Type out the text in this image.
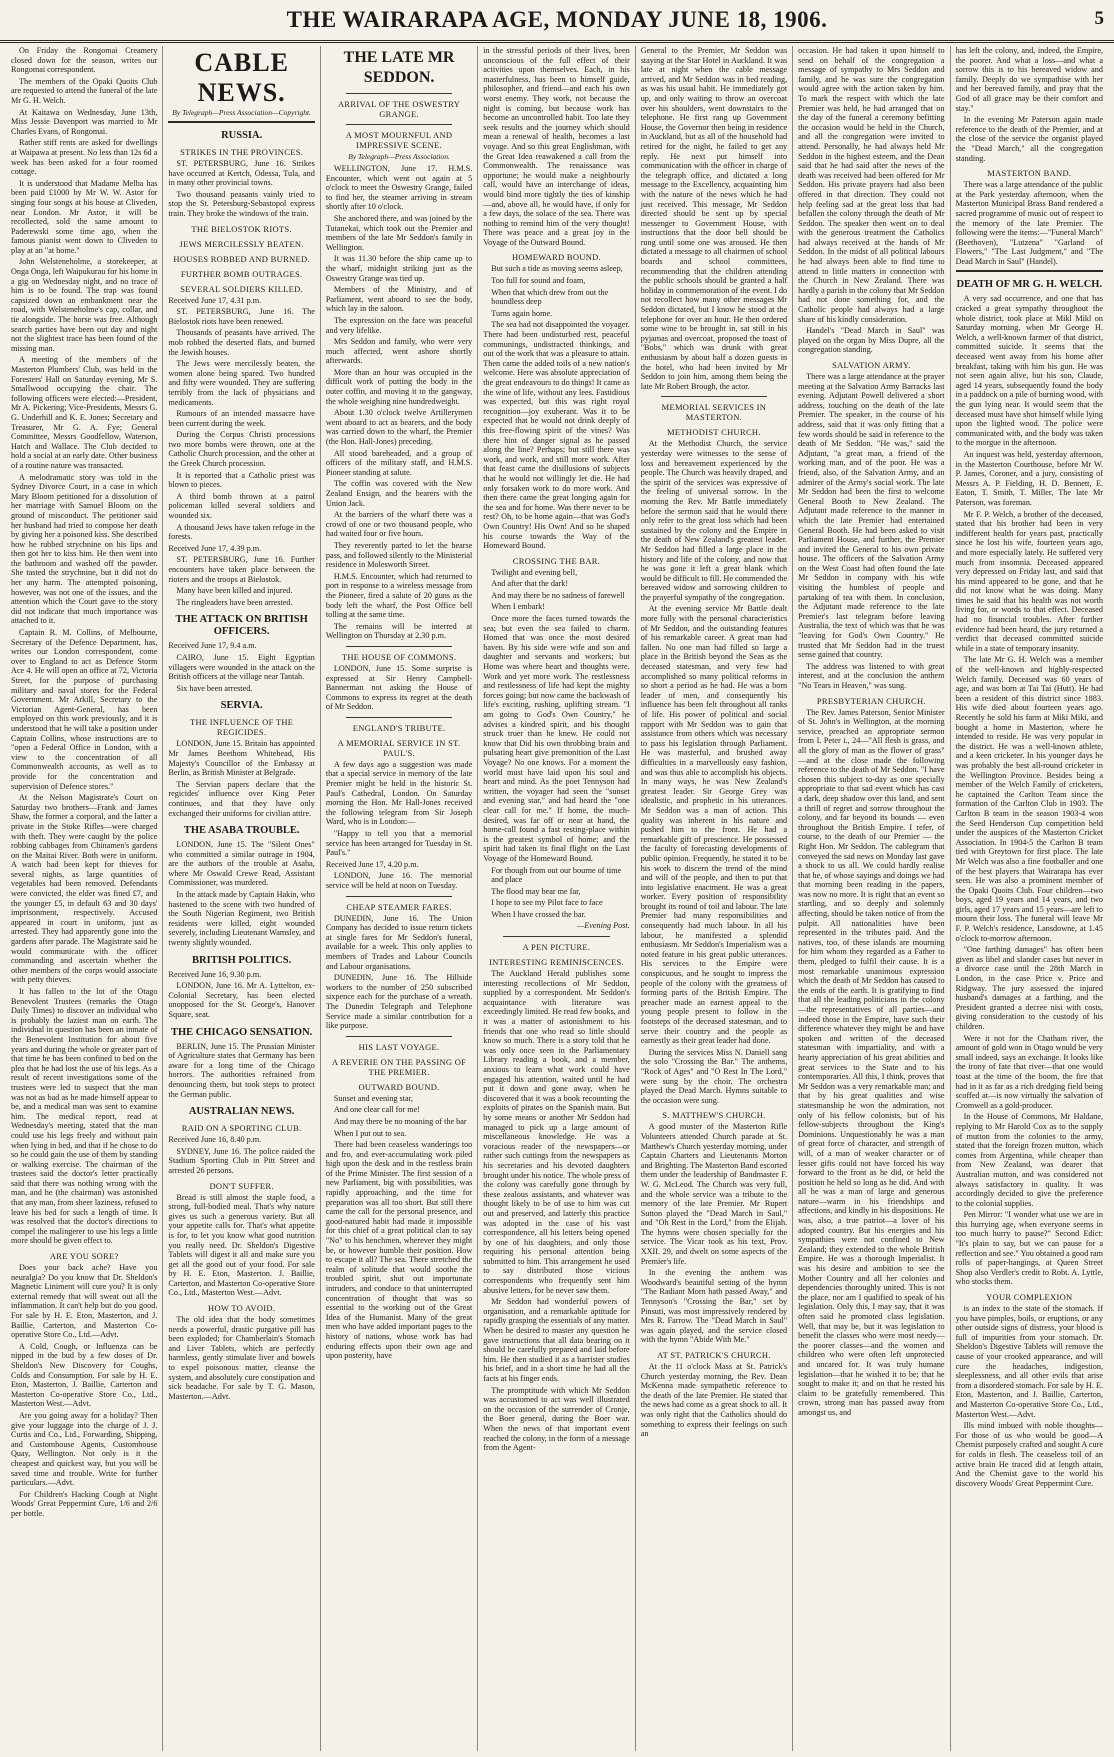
THE WAIRARAPA AGE, MONDAY JUNE 18, 1906.	5

On Friday the Rongomai Creamery closed down for the season, writes our Rongomai correspondent.

The members of the Opaki Quoits Club are requested to attend the funeral of the late Mr G. H. Welch.

At Kaitawa on Wednesday, June 13th, Miss Jessie Davenport was married to Mr Charles Evans, of Rongomai.

Rather stiff rents are asked for dwellings at Waipawa at present. No less than 12s 6d a week has been asked for a four roomed cottage.

It is understood that Madame Melba has been paid £1000 by Mr W. W. Astor for singing four songs at his house at Cliveden, near London. Mr Astor, it will be recollected, sold the same amount to Paderewski some time ago, when the famous pianist went down to Cliveden to play at an "at home."

John Welsteneholme, a storekeeper, at Onga Onga, left Waipukurau for his home in a gig on Wednesday night, and no trace of him is to be found. The trap was found capsized down an embankment near the road, with Welsteneholme's cap, collar, and tie alongside. The horse was free. Although search parties have been out day and night not the slightest trace has been found of the missing man.

A meeting of the members of the Masterton Plumbers' Club, was held in the Foresters' Hall on Saturday evening, Mr S. Smallwood occupying the chair. The following officers were elected:—President, Mr A. Pickering; Vice-Presidents, Messrs G. G. Underhill and K. E. Jones; Secretary and Treasurer, Mr G. A. Fye; General Committee, Messrs Goodfellow, Waterson, Hatch and Wallace. The Club decided to hold a social at an early date. Other business of a routine nature was transacted.

A melodramatic story was told in the Sydney Divorce Court, in a case in which Mary Bloom petitioned for a dissolution of her marriage with Samuel Bloom on the ground of misconduct. The petitioner said her husband had tried to compose her death by giving her a poisoned kiss. She described how he rubbed strychnine on his lips and then got her to kiss him. He then went into the bathroom and washed off the powder. She tasted the strychnine, but it did not do her any harm. The attempted poisoning, however, was not one of the issues, and the attention which the Court gave to the story did not indicate that much importance was attached to it.

Captain R. M. Collins, of Melbourne, Secretary of the Defence Department, has, writes our London correspondent, come over to England to act as Defence Storm Ace 4. He will open an office at 72, Victoria Street, for the purpose of purchasing military and naval stores for the Federal Government. Mr Arkill, Secretary to the Victorian Agent-General, has been employed on this work previously, and it is understood that he will take a position under Captain Collins, whose instructions are to "open a Federal Office in London, with a view to the concentration of all Commonwealth accounts, as well as to provide for the concentration and supervision of Defence stores."

At the Nelson Magistrate's Court on Saturday two brothers—Frank and James Shaw, the former a corporal, and the latter a private in the Stoke Rifles—were charged with theft. They were caught by the police robbing cabbages from Chinamen's gardens on the Maitai River. Both were in uniform. A watch had been kept for thieves for several nights, as large quantities of vegetables had been removed. Defendants were convicted, the elder was fined £7, and the younger £5, in default 63 and 30 days' imprisonment, respectively. Accused appeared in court in uniform, just as arrested. They had apparently gone into the gardens after parade. The Magistrate said he would communicate with the officer commanding and ascertain whether the other members of the corps would associate with petty thieves.

It has fallen to the lot of the Otago Benevolent Trustees (remarks the Otago Daily Times) to discover an individual who is probably the laziest man on earth. The individual in question has been an inmate of the Benevolent Institution for about five years and during the whole or greater part of that time he has been confined to bed on the plea that he had lost the use of his legs. As a result of recent investigations some of the trustees were led to suspect that the man was not as bad as he made himself appear to be, and a medical man was sent to examine him. The medical report, read at Wednesday's meeting, stated that the man could use his legs freely and without pain when lying in bed, and that if he chose to do so he could gain the use of them by standing or walking exercise. The chairman of the trustees said the doctor's letter practically said that there was nothing wrong with the man, and he (the chairman) was astonished that any man, from sheer laziness, refused to leave his bed for such a length of time. It was resolved that the doctor's directions to compel the malingerer to use his legs a little more should be given effect to.

ARE YOU SORE?

Does your back ache? Have you neuralgia? Do you know that Dr. Sheldon's Magnetic Liniment will cure you? It is only external remedy that will sweat out all the inflammation. It can't help but do you good. For sale by H. E. Eton, Masterton, and J. Baillie, Carterton, and Masterton Co-operative Store Co., Ltd.—Advt.

A Cold, Cough, or Influenza can be nipped in the bud by a few doses of Dr. Sheldon's New Discovery for Coughs, Colds and Consumption. For sale by H. E. Eton, Masterton, J. Baillie, Carterton and Masterton Co-operative Store Co., Ltd., Masterton West.—Advt.

Are you going away for a holiday? Then give your luggage into the charge of J. J. Curtis and Co., Ltd., Forwarding, Shipping, and Customhouse Agents, Customhouse Quay, Wellington. Not only is it the cheapest and quickest way, but you will be saved time and trouble. Write for further particulars.—Advt.

For Children's Hacking Cough at Night Woods' Great Peppermint Cure, 1/6 and 2/6 per bottle.

CABLE NEWS.
By Telegraph—Press Association—Copyright.
RUSSIA.
STRIKES IN THE PROVINCES.

ST. PETERSBURG, June 16. Strikes have occurred at Kertch, Odessa, Tula, and in many other provincial towns.

Two thousand peasants vainly tried to stop the St. Petersburg-Sebastopol express train. They broke the windows of the train.

THE BIELOSTOK RIOTS.
JEWS MERCILESSLY BEATEN.
HOUSES ROBBED AND BURNED.
FURTHER BOMB OUTRAGES.
SEVERAL SOLDIERS KILLED.

Received June 17, 4.31 p.m.

ST. PETERSBURG, June 16. The Bielostok riots have been renewed.

Thousands of peasants have arrived. The mob robbed the deserted flats, and burned the Jewish houses.

The Jews were mercilessly beaten, the women alone being spared. Two hundred and fifty were wounded. They are suffering terribly from the lack of physicians and medicaments.

Rumours of an intended massacre have been current during the week.

During the Corpus Christi processions two more bombs were thrown, one at the Catholic Church procession, and the other at the Greek Church procession.

It is reported that a Catholic priest was blown to pieces.

A third bomb thrown at a patrol policeman killed several soldiers and wounded six.

A thousand Jews have taken refuge in the forests.

Received June 17, 4.39 p.m.

ST. PETERSBURG, June 16. Further encounters have taken place between the rioters and the troops at Bielostok.

Many have been killed and injured.

The ringleaders have been arrested.

THE ATTACK ON BRITISH OFFICERS.

Received June 17, 9.4 a.m.

CAIRO, June 15. Eight Egyptian villagers were wounded in the attack on the British officers at the village near Tantah.

Six have been arrested.

SERVIA.
THE INFLUENCE OF THE REGICIDES.

LONDON, June 15. Britain has appointed Mr James Beethom Whitehead, His Majesty's Councillor of the Embassy at Berlin, as British Minister at Belgrade.

The Servian papers declare that the regicides' influence over King Peter continues, and that they have only exchanged their uniforms for civilian attire.

THE ASABA TROUBLE.

LONDON, June 15. The "Silent Ones" who committed a similar outrage in 1904, are the authors of the trouble at Asaba, where Mr Oswald Crewe Read, Assistant Commissioner, was murdered.

In the attack made by Captain Hakin, who hastened to the scene with two hundred of the South Nigerian Regiment, two British residents were killed, eight wounded severely, including Lieutenant Wamsley, and twenty slightly wounded.

BRITISH POLITICS.

Received June 16, 9.30 p.m.

LONDON, June 16. Mr A. Lyttelton, ex-Colonial Secretary, has been elected unopposed for the St. George's, Hanover Square, seat.

THE CHICAGO SENSATION.

BERLIN, June 15. The Prussian Minister of Agriculture states that Germany has been aware for a long time of the Chicago horrors. The authorities refrained from denouncing them, but took steps to protect the German public.

AUSTRALIAN NEWS.
RAID ON A SPORTING CLUB.

Received June 16, 8.40 p.m.

SYDNEY, June 16. The police raided the Stadium Sporting Club in Pitt Street and arrested 26 persons.

DON'T SUFFER.

Bread is still almost the staple food, a strong, full-bodied meal. That's why nature gives us such a generous variety. But all your appetite calls for. That's what appetite is for, to let you know what good nutrition you really need. Dr. Sheldon's Digestive Tablets will digest it all and make sure you get all the good out of your food. For sale by H. E. Eton, Masterton. J. Baillie, Carterton, and Masterton Co-operative Store Co., Ltd., Masterton West.—Advt.

HOW TO AVOID.

The old idea that the body sometimes needs a powerful, drastic purgative pill has been exploded; for Chamberlain's Stomach and Liver Tablets, which are perfectly harmless, gently stimulate liver and bowels to expel poisonous matter, cleanse the system, and absolutely cure constipation and sick headache. For sale by T. G. Mason, Masterton.—Advt.

THE LATE MR SEDDON.
ARRIVAL OF THE OSWESTRY GRANGE.
A MOST MOURNFUL AND IMPRESSIVE SCENE.
By Telegraph—Press Association.

WELLINGTON, June 17. H.M.S. Encounter, which went out again at 5 o'clock to meet the Oswestry Grange, failed to find her, the steamer arriving in stream shortly after 10 o'clock.

She anchored there, and was joined by the Tutanekai, which took out the Premier and members of the late Mr Seddon's family in Wellington.

It was 11.30 before the ship came up to the wharf, midnight striking just as the Oswestry Grange was tied up.

Members of the Ministry, and of Parliament, went aboard to see the body, which lay in the saloon.

The expression on the face was peaceful and very lifelike.

Mrs Seddon and family, who were very much affected, went ashore shortly afterwards.

More than an hour was occupied in the difficult work of putting the body in the outer coffin, and moving it to the gangway, the whole weighing nine hundredweight.

About 1.30 o'clock twelve Artillerymen went aboard to act as bearers, and the body was carried down to the wharf, the Premier (the Hon. Hall-Jones) preceding.

All stood bareheaded, and a group of officers of the military staff, and H.M.S. Pioneer standing at salute.

The coffin was covered with the New Zealand Ensign, and the bearers with the Union Jack.

At the barriers of the wharf there was a crowd of one or two thousand people, who had waited four or five hours.

They reverently parted to let the hearse pass, and followed silently to the Ministerial residence in Molesworth Street.

H.M.S. Encounter, which had returned to port in response to a wireless message from the Pioneer, fired a salute of 20 guns as the body left the wharf, the Post Office bell tolling at the same time.

The remains will be interred at Wellington on Thursday at 2.30 p.m.

THE HOUSE OF COMMONS.

LONDON, June 15. Some surprise is expressed at Sir Henry Campbell-Bannerman not asking the House of Commons to express its regret at the death of Mr Seddon.

ENGLAND'S TRIBUTE.
A MEMORIAL SERVICE IN ST. PAUL'S.

A few days ago a suggestion was made that a special service in memory of the late Premier might be held in the historic St. Paul's Cathedral, London. On Saturday morning the Hon. Mr Hall-Jones received the following telegram from Sir Joseph Ward, who is in London:—

"Happy to tell you that a memorial service has been arranged for Tuesday in St. Paul's."

Received June 17, 4.20 p.m.

LONDON, June 16. The memorial service will be held at noon on Tuesday.

CHEAP STEAMER FARES.

DUNEDIN, June 16. The Union Company has decided to issue return tickets at single fares for Mr Seddon's funeral, available for a week. This only applies to members of Trades and Labour Councils and Labour organisations.

DUNEDIN, June 16. The Hillside workers to the number of 250 subscribed sixpence each for the purchase of a wreath. The Dunedin Telegraph and Telephone Service made a similar contribution for a like purpose.

HIS LAST VOYAGE.
A REVERIE ON THE PASSING OF THE PREMIER.
OUTWARD BOUND.

Sunset and evening star,

And one clear call for me!

And may there be no moaning of the bar

When I put out to sea.

There had been ceaseless wanderings too and fro, and ever-accumulating work piled high upon the desk and in the restless brain of the Prime Minister. The first session of a new Parliament, big with possibilities, was rapidly approaching, and the time for preparation was all too short. But still there came the call for the personal presence, and good-natured habit had made it impossible for this chief of a great political clan to say "No" to his henchmen, wherever they might be, or however humble their position. How to escape it all? The sea. There stretched the realm of solitude that would soothe the troubled spirit, shut out importunate intruders, and conduce to that uninterrupted concentration of thought that was so essential to the working out of the Great Idea of the Humanist. Many of the great men who have added important pages to the history of nations, whose work has had enduring effects upon their own age and upon posterity, have

in the stressful periods of their lives, been unconscious of the full effect of their activities upon themselves. Each, in his masterfulness, has been to himself guide, philosopher, and friend—and each his own worst enemy. They work, not because the night is coming, but because work has become an uncontrolled habit. Too late they seek results and the journey which should mean a renewal of health, becomes a last voyage. And so this great Englishman, with the Great Idea reawakened a call from the Commonwealth. The renaissance was opportune; he would make a neighbourly call, would have an interchange of ideas, would bind more tightly the ties of kinship—and, above all, he would have, if only for a few days, the solace of the sea. There was nothing to remind him of the very thought! There was peace and a great joy in the Voyage of the Outward Bound.

HOMEWARD BOUND.

But such a tide as moving seems asleep,

Too full for sound and foam,

When that which drew from out the boundless deep

Turns again home.

The sea had not disappointed the voyager. There had been undisturbed rest, peaceful communings, undistracted thinkings, and out of the work that was a pleasure to attain. Then came the added toils of a new nation's welcome. Here was absolute appreciation of the great endeavours to do things! It came as the wine of life, without any lees. Fastidious was expected, but this was right royal recognition—joy exuberant. Was it to be expected that he would not drink deeply of this free-flowing spirit of the vines? Was there hint of danger signal as he passed along the line? Perhaps; but still there was work, and work, and still more work. After that feast came the disillusions of subjects that he would not willingly let die. He had only forsaken work to do more work. And then there came the great longing again for the sea and for home. Was there never to be rest? Oh, to be home again—that was God's Own Country! His Own! And so he shaped his course towards the Way of the Homeward Bound.

CROSSING THE BAR.

Twilight and evening bell,

And after that the dark!

And may there be no sadness of farewell

When I embark!

Once more the faces turned towards the sea; but even the sea failed to charm. Homed that was once the most desired haven. By his side were wife and son and daughter and servants and workers; but Home was where heart and thoughts were. Work and yet more work. The restlessness and restlessness of life had kept the mighty forces going; but now came the backwash of life's exciting, rushing, uplifting stream. "I am going to God's Own Country," he advises a kindred spirit, and his thought struck truer than he knew. He could not know that Did his own throbbing brain and pulsating heart give premonition of the Last Voyage? No one knows. For a moment the world must have laid upon his soul and heart and mind. As the poet Tennyson had written, the voyager had seen the "sunset and evening star," and had heard the "one clear call for me." If home, the much-desired, was far off or near at hand, the home-call found a fast resting-place within is the greatest symbol of home; and the spirit had taken its final flight on the Last Voyage of the Homeward Bound.

For though from out our bourne of time and place

The flood may bear me far,

I hope to see my Pilot face to face

When I have crossed the bar.

—Evening Post.

A PEN PICTURE.
INTERESTING REMINISCENCES.

The Auckland Herald publishes some interesting recollections of Mr Seddon, supplied by a correspondent. Mr Seddon's acquaintance with literature was exceedingly limited. He read few books, and it was a matter of astonishment to his friends that one who read so little should know so much. There is a story told that he was only once seen in the Parliamentary Library reading a book, and a member, anxious to learn what work could have engaged his attention, waited until he had put it down and gone away, when he discovered that it was a book recounting the exploits of pirates on the Spanish main. But by some means or another Mr Seddon had managed to pick up a large amount of miscellaneous knowledge. He was a voracious reader of the newspapers—or rather such cuttings from the newspapers as his secretaries and his devoted daughters brought under his notice. The whole press of the colony was carefully gone through by these zealous assistants, and whatever was thought likely to be of use to him was cut out and preserved, and latterly this practice was adopted in the case of his vast correspondence, all his letters being opened by one of his daughters, and only those requiring his personal attention being submitted to him. This arrangement he used to say distributed those vicious correspondents who frequently sent him abusive letters, for he never saw them.

Mr Seddon had wonderful powers of organisation, and a remarkable aptitude for rapidly grasping the essentials of any matter. When he desired to master any question he gave instructions that all data bearing on it should be carefully prepared and laid before him. He then studied it as a barrister studies his brief, and in a short time he had all the facts at his finger ends.

The promptitude with which Mr Seddon was accustomed to act was well illustrated on the occasion of the surrender of Cronje, the Boer general, during the Boer war. When the news of that important event reached the colony, in the form of a message from the Agent-

General to the Premier, Mr Seddon was staying at the Star Hotel in Auckland. It was late at night when the cable message arrived, and Mr Seddon was in bed reading, as was his usual habit. He immediately got up, and only waiting to throw an overcoat over his shoulders, went downstairs to the telephone. He first rang up Government House, the Governor then being in residence in Auckland, but as all of the household had retired for the night, he failed to get any reply. He next put himself into communication with the officer in charge of the telegraph office, and dictated a long message to the Excellency, acquainting him with the nature of the news which he had just received. This message, Mr Seddon directed should be sent up by special messenger to Government House, with instructions that the door bell should be rung until some one was aroused. He then dictated a message to all chairmen of school boards and school committees, recommending that the children attending the public schools should be granted a half holiday in commemoration of the event. I do not recollect how many other messages Mr Seddon dictated, but I know he stood at the telephone for over an hour. He then ordered some wine to be brought in, sat still in his pyjamas and overcoat, proposed the toast of "Bobs," which was drunk with great enthusiasm by about half a dozen guests in the hotel, who had been invited by Mr Seddon to join him, among them being the late Mr Robert Brough, the actor.

MEMORIAL SERVICES IN MASTERTON.
METHODIST CHURCH.

At the Methodist Church, the service yesterday were witnesses to the sense of loss and bereavement experienced by the people. The Church was heavily draped, and the spirit of the services was expressive of the feeling of universal sorrow. In the morning the Rev. Mr Battle immediately before the sermon said that he would there only refer to the great loss which had been sustained by the colony and the Empire in the death of New Zealand's greatest leader. Mr Seddon had filled a large place in the history and life of the colony, and now that he was gone it left a great blank which would be difficult to fill. He commended the bereaved widow and sorrowing children to the prayerful sympathy of the congregation.

At the evening service Mr Battle dealt more fully with the personal characteristics of Mr Seddon, and the outstanding features of his remarkable career. A great man had fallen. No one man had filled so large a place in the British beyond the Seas as the deceased statesman, and very few had accomplished so many political reforms in so short a period as he had. He was a born leader of men, and consequently his influence has been felt throughout all ranks of life. His power of political and social rapport with Mr Seddon was to gain that assistance from others which was necessary to pass his legislation through Parliament. He was masterful, and brushed away difficulties in a marvellously easy fashion, and was thus able to accomplish his objects. In many ways, he was New Zealand's greatest leader. Sir George Grey was idealistic, and prophetic in his utterances. Mr Seddon was a man of action. This quality was inherent in his nature and pushed him to the front. He had a remarkable gift of prescience. He possessed the faculty of forecasting developments of public opinion. Frequently, he stated it to be his work to discern the trend of the mind and will of the people, and then to put that into legislative enactment. He was a great worker. Every position of responsibility brought its round of toil and labour. The late Premier had many responsibilities and consequently had much labour. In all his labour, he manifested a splendid enthusiasm. Mr Seddon's Imperialism was a noted feature in his great public utterances. His services to the Empire were conspicuous, and he sought to impress the people of the colony with the greatness of forming parts of the British Empire. The preacher made an earnest appeal to the young people present to follow in the footsteps of the deceased statesman, and to serve their country and the people as earnestly as their great leader had done.

During the services Miss N. Daniell sang the solo "Crossing the Bar." The anthems, "Rock of Ages" and "O Rest In The Lord," were sung by the choir. The orchestra played the Dead March. Hymns suitable to the occasion were sung.

S. MATTHEW'S CHURCH.

A good muster of the Masterton Rifle Volunteers attended Church parade at St. Matthew's Church yesterday morning, under Captain Charters and Lieutenants Morton and Brighting. The Masterton Band escorted them under the leadership of Bandmaster F. W. G. McLeod. The Church was very full, and the whole service was a tribute to the memory of the late Premier. Mr Rupert Sutton played the "Dead March in Saul," and "Oh Rest in the Lord," from the Elijah. The hymns were chosen specially for the service. The Vicar took as his text, Prov. XXII. 29, and dwelt on some aspects of the Premier's life.

In the evening the anthem was Woodward's beautiful setting of the hymn "The Radiant Morn hath passed Away," and Tennyson's "Crossing the Bar," set by Pinsuti, was most impressively rendered by Mrs R. Farrow. The "Dead March in Saul" was again played, and the service closed with the hymn "Abide With Me."

AT ST. PATRICK'S CHURCH.

At the 11 o'clock Mass at St. Patrick's Church yesterday morning, the Rev. Dean McKenna made sympathetic reference to the death of the late Premier. He stated that the news had come as a great shock to all. It was only right that the Catholics should do something to express their feelings on such an

occasion. He had taken it upon himself to send on behalf of the congregation a message of sympathy to Mrs Seddon and family, and he was sure the congregation would agree with the action taken by him. To mark the respect with which the late Premier was held, he had arranged that on the day of the funeral a ceremony befitting the occasion would be held in the Church, and all the congregation were invited to attend. Personally, he had always held Mr Seddon in the highest esteem, and the Dean said that he had said after the news of the death was received had been offered for Mr Seddon. His private prayers had also been offered in that direction. They could not help feeling sad at the great loss that had befallen the colony through the death of Mr Seddon. The speaker then went on to deal with the generous treatment the Catholics had always received at the hands of Mr Seddon. In the midst of all political labours he had always been able to find time to attend to little matters in connection with the Church in New Zealand. There was hardly a parish in the colony that Mr Seddon had not done something for, and the Catholic people had always had a large share of his kindly consideration.

Handel's "Dead March in Saul" was played on the organ by Miss Dupre, all the congregation standing.

SALVATION ARMY.

There was a large attendance at the prayer meeting at the Salvation Army Barracks last evening. Adjutant Powell delivered a short address, touching on the death of the late Premier. The speaker, in the course of his address, said that it was only fitting that a few words should be said in reference to the death of Mr Seddon. "He was," said the Adjutant, "a great man, a friend of the working man, and of the poor. He was a friend, also, of the Salvation Army, and an admirer of the Army's social work. The late Mr Seddon had been the first to welcome General Booth to New Zealand. The Adjutant made reference to the manner in which the late Premier had entertained General Booth. He had been asked to visit Parliament House, and further, the Premier and invited the General to his own private house. The officers of the Salvation Army on the West Coast had often found the late Mr Seddon in company with his wife visiting the humblest of people and partaking of tea with them. In conclusion, the Adjutant made reference to the late Premier's last telegram before leaving Australia, the text of which was that he was "leaving for God's Own Country." He trusted that Mr Seddon had in the truest sense gained that country.

The address was listened to with great interest, and at the conclusion the anthem "No Tears in Heaven," was sung.

PRESBYTERIAN CHURCH.

The Rev. James Paterson, Senior Minister of St. John's in Wellington, at the morning service, preached an appropriate sermon from I. Peter i., 24—"All flesh is grass, and all the glory of man as the flower of grass" —and at the close made the following reference to the death of Mr Seddon. "I have chosen this subject to-day as one specially appropriate to that sad event which has cast a dark, deep shadow over this land, and sent a thrill of regret and sorrow throughout the colony, and far beyond its bounds — even throughout the British Empire. I refer, of course, to the death of our Premier — the Right Hon. Mr Seddon. The cablegram that conveyed the sad news on Monday last gave a shock to us all. We could hardly realise that he, of whose sayings and doings we had that morning been reading in the papers, was now no more. It is right that an event so startling, and so deeply and solemnly affecting, should be taken notice of from the pulpit. All nationalities have been represented in the tributes paid. And the natives, too, of these islands are mourning for him whom they regarded as a Father to them, pledged to fulfil their cause. It is a most remarkable unanimous expression which the death of Mr Seddon has caused to the ends of the earth. It is gratifying to find that all the leading politicians in the colony—the representatives of all parties—and indeed those in the Empire, have such their difference whatever they might be and have spoken and written of the deceased statesman with impartiality, and with a hearty appreciation of his great abilities and great services to the State and to his contemporaries. All this, I think, proves that Mr Seddon was a very remarkable man; and that by his great qualities and wise statesmanship he won the admiration, not only of his fellow colonists, but of his fellow-subjects throughout the King's Dominions. Unquestionably he was a man of great force of character, and strength of will, of a man of weaker character or of lesser gifts could not have forced his way forward to the front as he did, or held the position he held so long as he did. And with all he was a man of large and generous nature—warm in his friendships and affections, and kindly in his dispositions. He was, also, a true patriot—a lover of his adopted country. But his energies and his sympathies were not confined to New Zealand; they extended to the whole British Empire. He was a thorough Imperialist. It was his desire and ambition to see the Mother Country and all her colonies and dependencies thoroughly united. This is not the place, nor am I qualified to speak of his legislation. Only this, I may say, that it was often said he promoted class legislation. Well, that may be, but it was legislation to benefit the classes who were most needy—the poorer classes—and the women and children who were often left unprotected and uncared for. It was truly humane legislation—that he wished it to be; that he sought to make it; and on that he rested his claim to be gratefully remembered. This crown, strong man has passed away from amongst us, and

has left the colony, and, indeed, the Empire, the poorer. And what a loss—and what a sorrow this is to his bereaved widow and family. Deeply do we sympathise with her and her bereaved family, and pray that the God of all grace may be their comfort and stay."

In the evening Mr Paterson again made reference to the death of the Premier, and at the close of the service the organist played the "Dead March," all the congregation standing.

MASTERTON BAND.

There was a large attendance of the public at the Park yesterday afternoon, when the Masterton Municipal Brass Band rendered a sacred programme of music out of respect to the memory of the late Premier. The following were the items:—"Funeral March" (Beethoven), "Lutzena" "Garland of Flowers," "The Last Judgment," and "The Dead March in Saul" (Handel).

DEATH OF MR G. H. WELCH.

A very sad occurrence, and one that has cracked a great sympathy throughout the whole district, took place at Mikl Mikl on Saturday morning, when Mr George H. Welch, a well-known farmer of that district, committed suicide. It seems that the deceased went away from his home after breakfast, taking with him his gun. He was not seen again alive, but his son, Claude, aged 14 years, subsequently found the body in a paddock on a pile of burning wood, with the gun lying near. It would seem that the deceased must have shot himself while lying upon the lighted wood. The police were communicated with, and the body was taken to the morgue in the afternoon.

An inquest was held, yesterday afternoon, in the Masterton Courthouse, before Mr W. P. James, Coroner, and a jury, consisting of Messrs A. P. Fielding, H. D. Bennett, E. Eaton, T. Smith, T. Miller, The late Mr Paterson, was foreman.

Mr F. P. Welch, a brother of the deceased, stated that his brother had been in very indifferent health for years past, practically since he lost his wife, fourteen years ago, and more especially lately. He suffered very much from insomnia. Deceased appeared very depressed on Friday last, and said that his mind appeared to be gone, and that he did not know what he was doing. Many times he said that his health was not worth living for, or words to that effect. Deceased had no financial troubles. After further evidence had been heard, the jury returned a verdict that deceased committed suicide while in a state of temporary insanity.

The late Mr G. H. Welch was a member of the well-known and highly-respected Welch family. Deceased was 60 years of age, and was born at Tai Tai (Hutt). He had been a resident of this district since 1883. His wife died about fourteen years ago. Recently he sold his farm at Miki Miki, and bought a home in Masterton, where he intended to reside. He was very popular in the district. He was a well-known athlete, and a keen cricketer. In his younger days he was probably the best all-round cricketer in the Wellington Province. Besides being a member of the Welch Family of cricketers, he captained the Carlton Team since the formation of the Carlton Club in 1903. The Carlton B team in the season 1903-4 won the Seed Henderson Cup competition held under the auspices of the Masterton Cricket Association. In 1904-5 the Carlton B team tied with Greytown for first place. The late Mr Welch was also a fine footballer and one of the best players that Wairarapa has ever seen. He was also a prominent member of the Opaki Quoits Club. Four children—two boys, aged 19 years and 14 years, and two girls, aged 17 years and 15 years—are left to mourn their loss. The funeral will leave Mr F. P. Welch's residence, Lansdowne, at 1.45 o'clock to-morrow afternoon.

"One farthing damages" has often been given as libel and slander cases but never in a divorce case until the 28th March in London, in the case Price v. Price and Ridgway. The jury assessed the injured husband's damages at a farthing, and the President granted a decree nisi with costs, giving consideration to the custody of his children.

Were it not for the Chatham river, the amount of gold won in Otago would be very small indeed, says an exchange. It looks like the irony of fate that river—that one would toast at the time of the boom, the fire that had in it as far as a rich dredging field being scoffed at—is now virtually the salvation of Cromwell as a gold-producer.

In the House of Commons, Mr Haldane, replying to Mr Harold Cox as to the supply of mutton from the colonies to the army, stated that the foreign frozen mutton, which comes from Argentina, while cheaper than from New Zealand, was dearer that Australian mutton, and was considered not always satisfactory in quality. It was accordingly decided to give the preference to the colonial supplies.

Pen Mirror: "I wonder what use we are in this hurrying age, when everyone seems in too much hurry to pause?" Second Edict: "It's plain to say, but we can pause for a reflection and see." You obtained a good ram rolls of paper-hangings, at Queen Street Shop also Verdler's credit to Robt. A. Lyttle, who stocks them.

YOUR COMPLEXION

is an index to the state of the stomach. If you have pimples, boils, or eruptions, or any other outside signs of distress, your blood is full of impurities from your stomach. Dr. Sheldon's Digestive Tablets will remove the cause of your crooked appearance, and will cure the headaches, indigestion, sleeplessness, and all other evils that arise from a disordered stomach. For sale by H. E. Eton, Masterton, and J. Baillie, Carterton, and Masterton Co-operative Store Co., Ltd., Masterton West.—Advt.

Ills mind imbued with noble thoughts—For those of us who would be good—A Chemist purposely crafted and sought A cure for colds in flesh. The ceaseless toil of an active brain He traced did at length attain, And the Chemist gave to the world his discovery Woods' Great Peppermint Cure.
